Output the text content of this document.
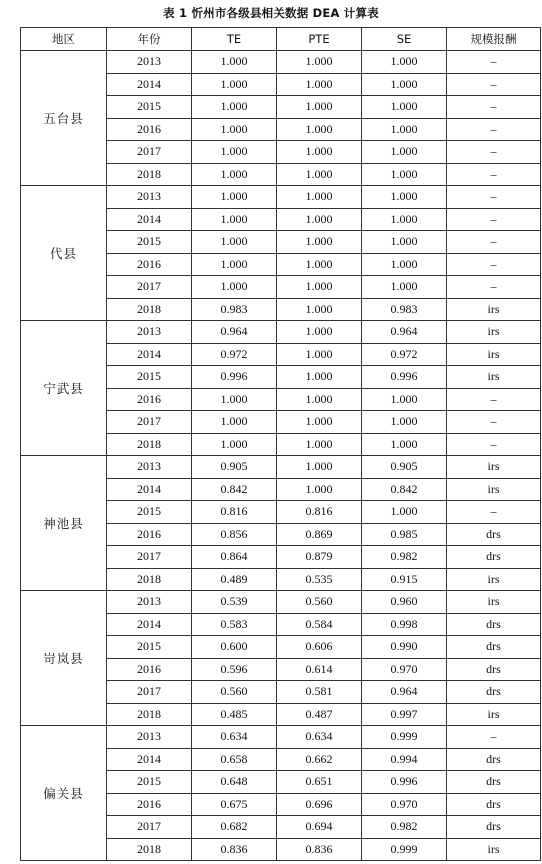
表 1 忻州市各级县相关数据 DEA 计算表
地区	年份	TE	PTE	SE	规模报酬
五台县	2013	1.000	1.000	1.000	–
	2014	1.000	1.000	1.000	–
	2015	1.000	1.000	1.000	–
	2016	1.000	1.000	1.000	–
	2017	1.000	1.000	1.000	–
	2018	1.000	1.000	1.000	–
代县	2013	1.000	1.000	1.000	–
	2014	1.000	1.000	1.000	–
	2015	1.000	1.000	1.000	–
	2016	1.000	1.000	1.000	–
	2017	1.000	1.000	1.000	–
	2018	0.983	1.000	0.983	irs
宁武县	2013	0.964	1.000	0.964	irs
	2014	0.972	1.000	0.972	irs
	2015	0.996	1.000	0.996	irs
	2016	1.000	1.000	1.000	–
	2017	1.000	1.000	1.000	–
	2018	1.000	1.000	1.000	–
神池县	2013	0.905	1.000	0.905	irs
	2014	0.842	1.000	0.842	irs
	2015	0.816	0.816	1.000	–
	2016	0.856	0.869	0.985	drs
	2017	0.864	0.879	0.982	drs
	2018	0.489	0.535	0.915	irs
岢岚县	2013	0.539	0.560	0.960	irs
	2014	0.583	0.584	0.998	drs
	2015	0.600	0.606	0.990	drs
	2016	0.596	0.614	0.970	drs
	2017	0.560	0.581	0.964	drs
	2018	0.485	0.487	0.997	irs
偏关县	2013	0.634	0.634	0.999	–
	2014	0.658	0.662	0.994	drs
	2015	0.648	0.651	0.996	drs
	2016	0.675	0.696	0.970	drs
	2017	0.682	0.694	0.982	drs
	2018	0.836	0.836	0.999	irs
